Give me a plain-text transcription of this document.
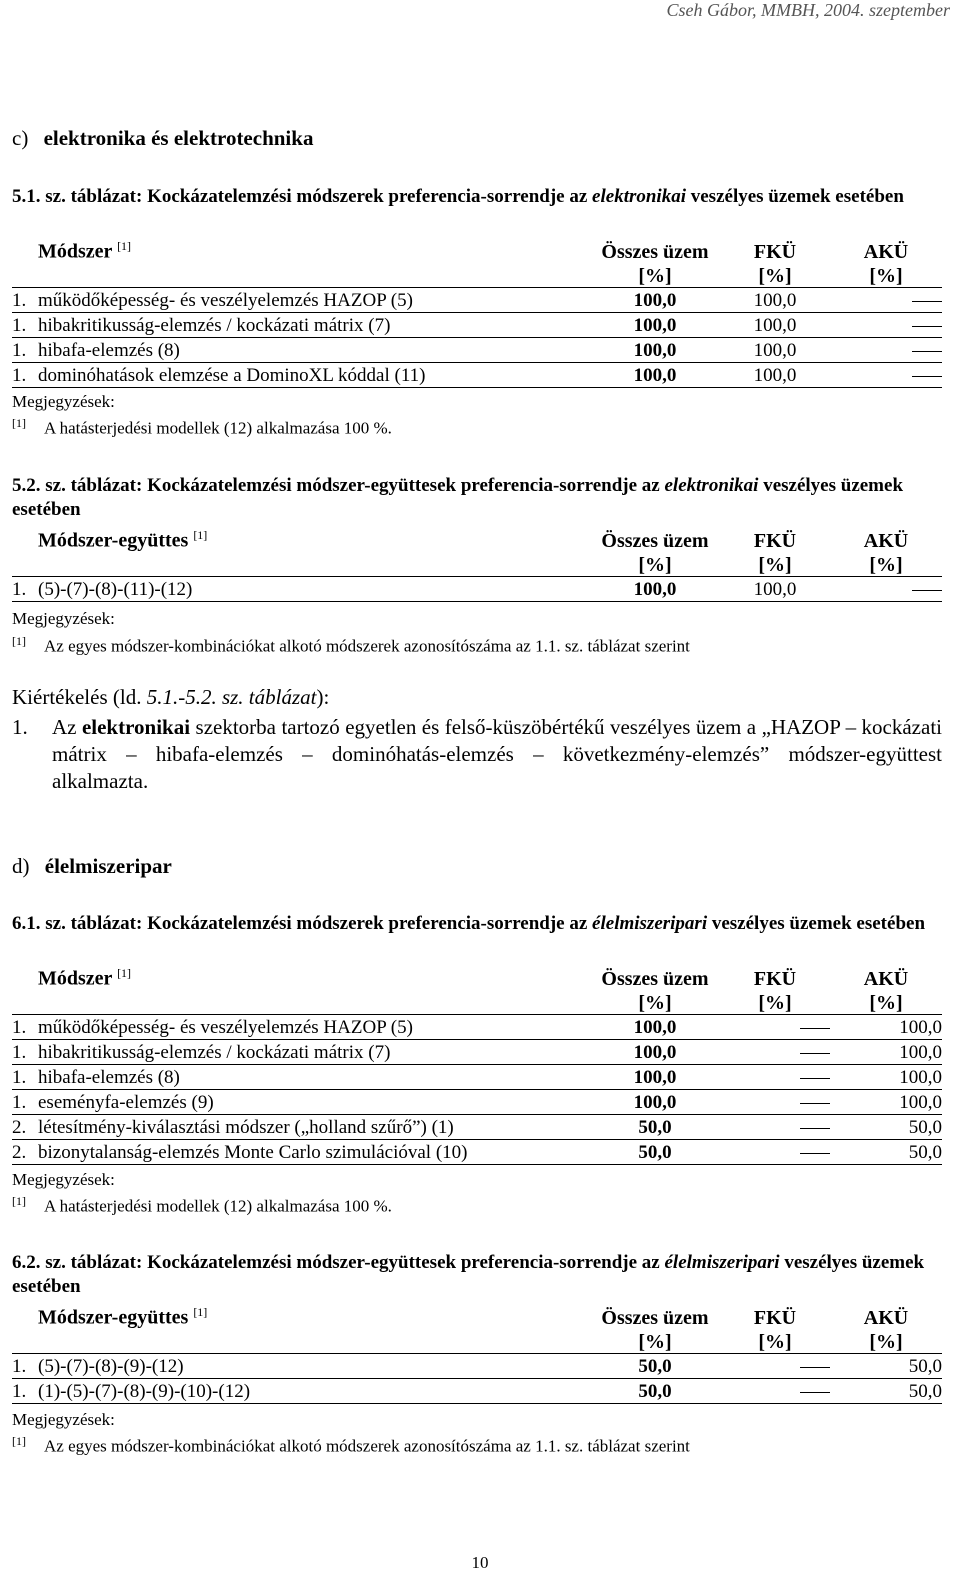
Cseh Gábor, MMBH, 2004. szeptember
c) elektronika és elektrotechnika
5.1. sz. táblázat: Kockázatelemzési módszerek preferencia-sorrendje az elektronikai veszélyes üzemek esetében
	Módszer [1]	Összes üzem	FKÜ	AKÜ
		[%]	[%]	[%]
1.	működőképesség- és veszélyelemzés HAZOP (5)	100,0	100,0	
1.	hibakritikusság-elemzés / kockázati mátrix (7)	100,0	100,0	
1.	hibafa-elemzés (8)	100,0	100,0	
1.	dominóhatások elemzése a DominoXL kóddal (11)	100,0	100,0	
Megjegyzések:
[1] A hatásterjedési modellek (12) alkalmazása 100 %.
5.2. sz. táblázat: Kockázatelemzési módszer-együttesek preferencia-sorrendje az elektronikai veszélyes üzemek esetében
	Módszer-együttes [1]	Összes üzem	FKÜ	AKÜ
		[%]	[%]	[%]
1.	(5)-(7)-(8)-(11)-(12)	100,0	100,0	
Megjegyzések:
[1] Az egyes módszer-kombinációkat alkotó módszerek azonosítószáma az 1.1. sz. táblázat szerint
Kiértékelés (ld. 5.1.-5.2. sz. táblázat):
1. Az elektronikai szektorba tartozó egyetlen és felső-küszöbértékű veszélyes üzem a „HAZOP – kockázati mátrix – hibafa-elemzés – dominóhatás-elemzés – következmény-elemzés” módszer-együttest alkalmazta.
d) élelmiszeripar
6.1. sz. táblázat: Kockázatelemzési módszerek preferencia-sorrendje az élelmiszeripari veszélyes üzemek esetében
	Módszer [1]	Összes üzem	FKÜ	AKÜ
		[%]	[%]	[%]
1.	működőképesség- és veszélyelemzés HAZOP (5)	100,0		100,0
1.	hibakritikusság-elemzés / kockázati mátrix (7)	100,0		100,0
1.	hibafa-elemzés (8)	100,0		100,0
1.	eseményfa-elemzés (9)	100,0		100,0
2.	létesítmény-kiválasztási módszer („holland szűrő”) (1)	50,0		50,0
2.	bizonytalanság-elemzés Monte Carlo szimulációval (10)	50,0		50,0
Megjegyzések:
[1] A hatásterjedési modellek (12) alkalmazása 100 %.
6.2. sz. táblázat: Kockázatelemzési módszer-együttesek preferencia-sorrendje az élelmiszeripari veszélyes üzemek esetében
	Módszer-együttes [1]	Összes üzem	FKÜ	AKÜ
		[%]	[%]	[%]
1.	(5)-(7)-(8)-(9)-(12)	50,0		50,0
1.	(1)-(5)-(7)-(8)-(9)-(10)-(12)	50,0		50,0
Megjegyzések:
[1] Az egyes módszer-kombinációkat alkotó módszerek azonosítószáma az 1.1. sz. táblázat szerint
10
